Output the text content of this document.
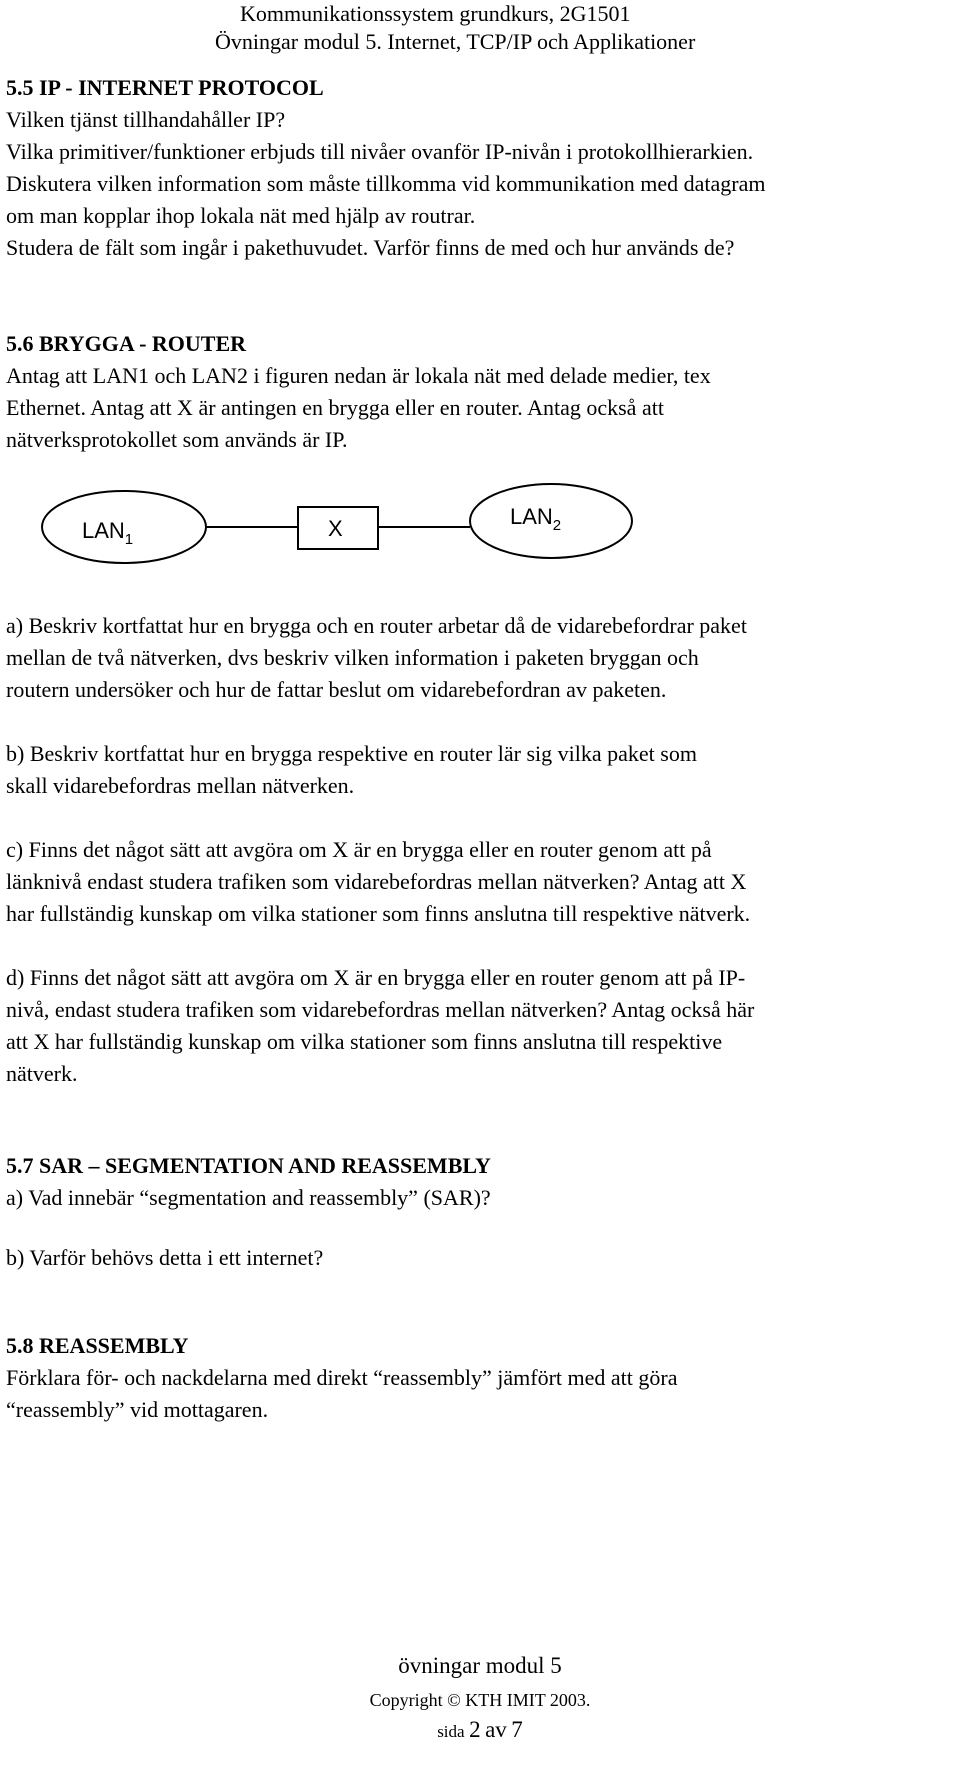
Kommunikationssystem grundkurs, 2G1501
Övningar modul 5. Internet, TCP/IP och Applikationer

5.5 IP - INTERNET PROTOCOL

Vilken tjänst tillhandahåller IP?

Vilka primitiver/funktioner erbjuds till nivåer ovanför IP-nivån i protokollhierarkien.

Diskutera vilken information som måste tillkomma vid kommunikation med datagram

om man kopplar ihop lokala nät med hjälp av routrar.

Studera de fält som ingår i pakethuvudet. Varför finns de med och hur används de?

5.6 BRYGGA - ROUTER

Antag att LAN1 och LAN2 i figuren nedan är lokala nät med delade medier, tex

Ethernet. Antag att X är antingen en brygga eller en router. Antag också att

nätverksprotokollet som används är IP.

$LAN_1$	X	$LAN_2$

a) Beskriv kortfattat hur en brygga och en router arbetar då de vidarebefordrar paket

mellan de två nätverken, dvs beskriv vilken information i paketen bryggan och

routern undersöker och hur de fattar beslut om vidarebefordran av paketen.

b) Beskriv kortfattat hur en brygga respektive en router lär sig vilka paket som

skall vidarebefordras mellan nätverken.

c) Finns det något sätt att avgöra om X är en brygga eller en router genom att på

länknivå endast studera trafiken som vidarebefordras mellan nätverken? Antag att X

har fullständig kunskap om vilka stationer som finns anslutna till respektive nätverk.

d) Finns det något sätt att avgöra om X är en brygga eller en router genom att på IP-

nivå, endast studera trafiken som vidarebefordras mellan nätverken? Antag också här

att X har fullständig kunskap om vilka stationer som finns anslutna till respektive

nätverk.

5.7 SAR – SEGMENTATION AND REASSEMBLY

a) Vad innebär “segmentation and reassembly” (SAR)?

b) Varför behövs detta i ett internet?

5.8 REASSEMBLY

Förklara för- och nackdelarna med direkt “reassembly” jämfört med att göra

“reassembly” vid mottagaren.

övningar modul 5
Copyright © KTH IMIT 2003.
sida 2 av 7
